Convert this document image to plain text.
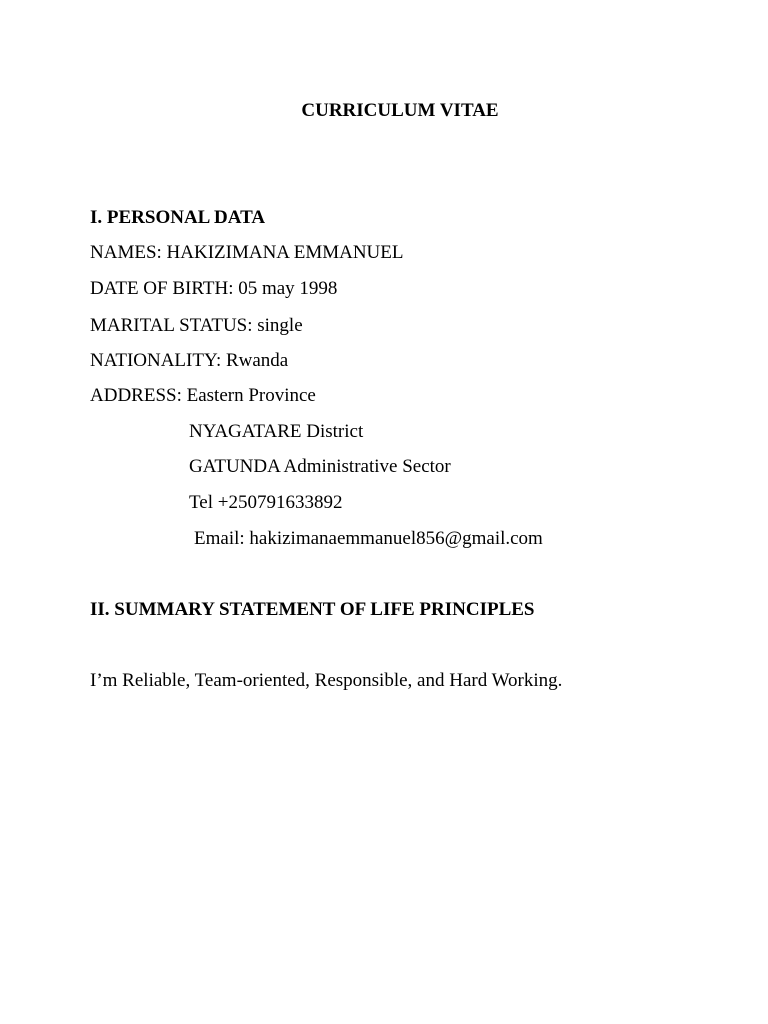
CURRICULUM VITAE
I. PERSONAL DATA
NAMES: HAKIZIMANA EMMANUEL
DATE OF BIRTH: 05 may 1998
MARITAL STATUS: single
NATIONALITY: Rwanda
ADDRESS: Eastern Province
NYAGATARE District
GATUNDA Administrative Sector
Tel +250791633892
Email: hakizimanaemmanuel856@gmail.com
II. SUMMARY STATEMENT OF LIFE PRINCIPLES
I’m Reliable, Team-oriented, Responsible, and Hard Working.
